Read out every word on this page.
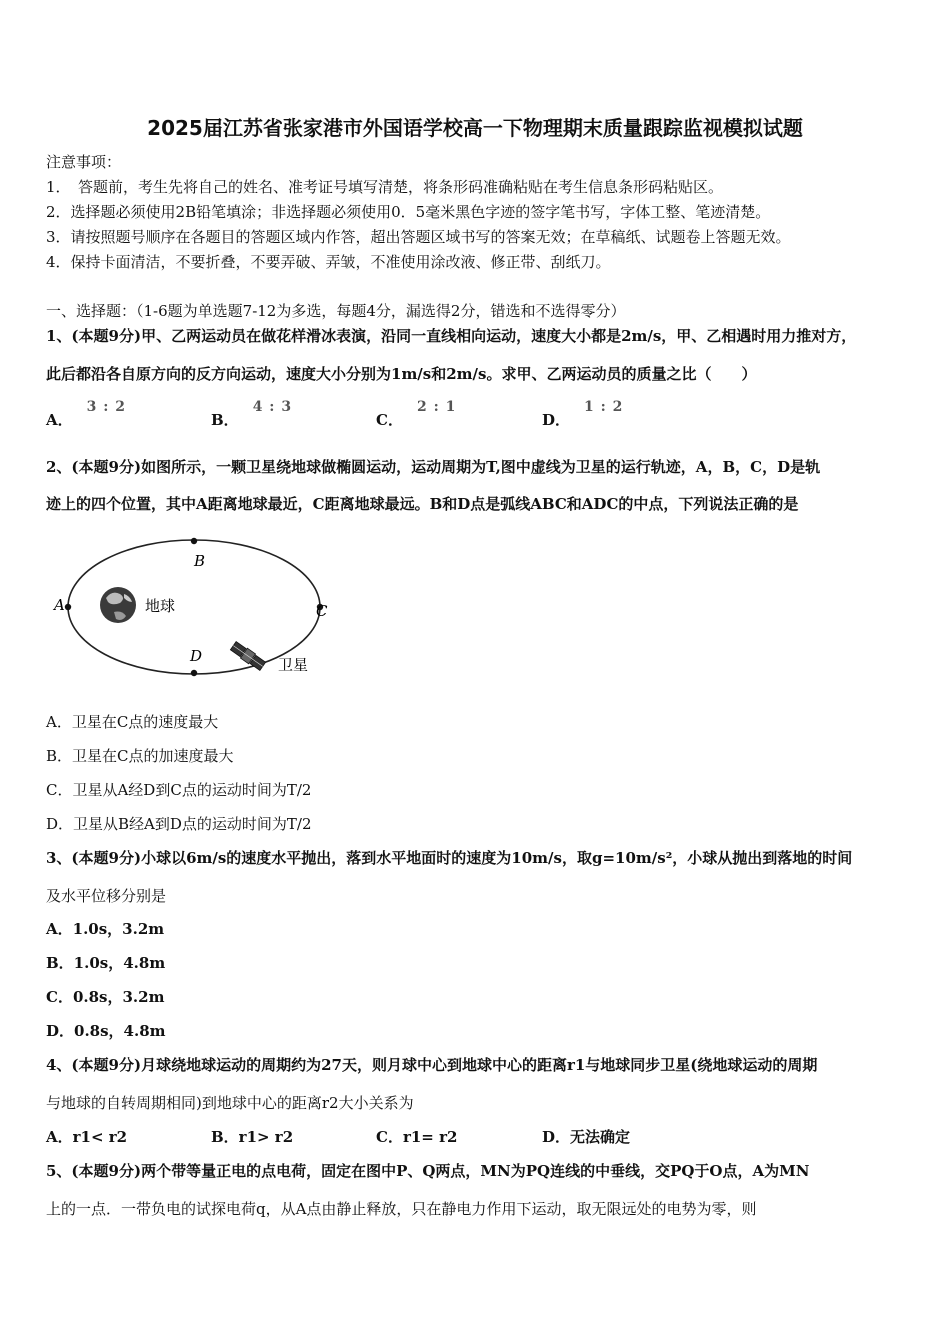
2025届江苏省张家港市外国语学校高一下物理期末质量跟踪监视模拟试题
注意事项：
1．　答题前，考生先将自己的姓名、准考证号填写清楚，将条形码准确粘贴在考生信息条形码粘贴区。
2．选择题必须使用2B铅笔填涂；非选择题必须使用0．5毫米黑色字迹的签字笔书写，字体工整、笔迹清楚。
3．请按照题号顺序在各题目的答题区域内作答，超出答题区域书写的答案无效；在草稿纸、试题卷上答题无效。
4．保持卡面清洁，不要折叠，不要弄破、弄皱，不准使用涂改液、修正带、刮纸刀。
一、选择题：（1-6题为单选题7-12为多选，每题4分，漏选得2分，错选和不选得零分）
1、(本题9分)甲、乙两运动员在做花样滑冰表演，沿同一直线相向运动，速度大小都是2m/s，甲、乙相遇时用力推对方，
此后都沿各自原方向的反方向运动，速度大小分别为1m/s和2m/s。求甲、乙两运动员的质量之比（　　）
A．3 : 2
B．4 : 3
C．2 : 1
D．1 : 2
2、(本题9分)如图所示，一颗卫星绕地球做椭圆运动，运动周期为T,图中虚线为卫星的运行轨迹，A，B，C，D是轨
迹上的四个位置，其中A距离地球最近，C距离地球最远。B和D点是弧线ABC和ADC的中点，下列说法正确的是
B
A	C
D
地球
卫星
A．卫星在C点的速度最大
B．卫星在C点的加速度最大
C．卫星从A经D到C点的运动时间为T/2
D．卫星从B经A到D点的运动时间为T/2
3、(本题9分)小球以6m/s的速度水平抛出，落到水平地面时的速度为10m/s，取g=10m/s²，小球从抛出到落地的时间
及水平位移分别是
A．1.0s，3.2m
B．1.0s，4.8m
C．0.8s，3.2m
D．0.8s，4.8m
4、(本题9分)月球绕地球运动的周期约为27天，则月球中心到地球中心的距离r1与地球同步卫星(绕地球运动的周期
与地球的自转周期相同)到地球中心的距离r2大小关系为
A．r1< r2	B．r1> r2	C．r1= r2	D．无法确定
5、(本题9分)两个带等量正电的点电荷，固定在图中P、Q两点，MN为PQ连线的中垂线，交PQ于O点，A为MN
上的一点．一带负电的试探电荷q，从A点由静止释放，只在静电力作用下运动，取无限远处的电势为零，则
